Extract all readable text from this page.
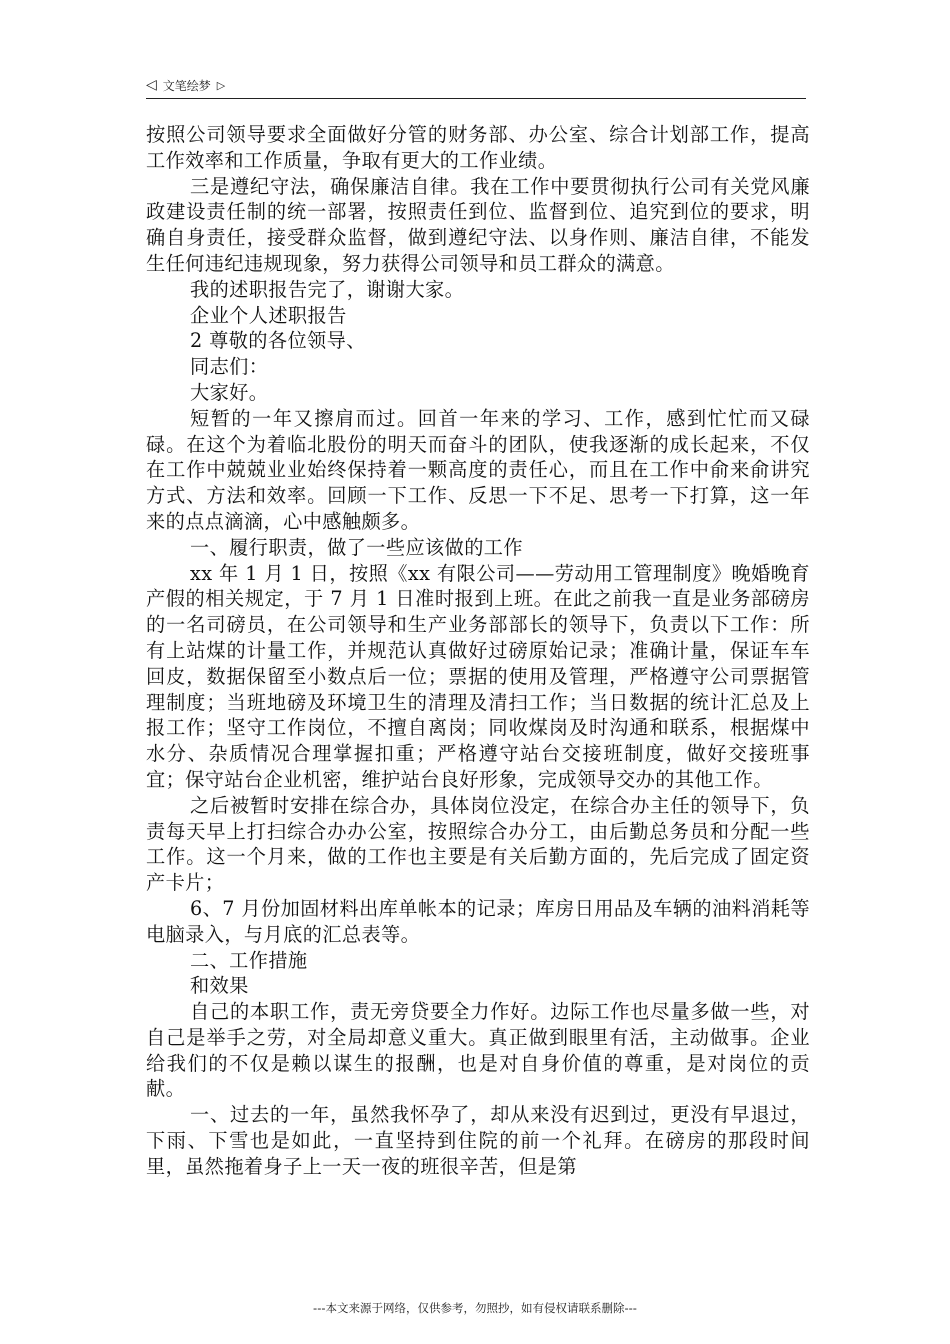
◁ 文笔绘梦 ▷

按照公司领导要求全面做好分管的财务部、办公室、综合计划部工作，提高工作效率和工作质量，争取有更大的工作业绩。

三是遵纪守法，确保廉洁自律。我在工作中要贯彻执行公司有关党风廉政建设责任制的统一部署，按照责任到位、监督到位、追究到位的要求，明确自身责任，接受群众监督，做到遵纪守法、以身作则、廉洁自律，不能发生任何违纪违规现象，努力获得公司领导和员工群众的满意。

我的述职报告完了，谢谢大家。

企业个人述职报告

2 尊敬的各位领导、

同志们：

大家好。

短暂的一年又擦肩而过。回首一年来的学习、工作，感到忙忙而又碌碌。在这个为着临北股份的明天而奋斗的团队，使我逐渐的成长起来，不仅在工作中兢兢业业始终保持着一颗高度的责任心，而且在工作中俞来俞讲究方式、方法和效率。回顾一下工作、反思一下不足、思考一下打算，这一年来的点点滴滴，心中感触颇多。

一、履行职责，做了一些应该做的工作

xx 年 1 月 1 日，按照《xx 有限公司——劳动用工管理制度》晚婚晚育产假的相关规定，于 7 月 1 日准时报到上班。在此之前我一直是业务部磅房的一名司磅员，在公司领导和生产业务部部长的领导下，负责以下工作：所有上站煤的计量工作，并规范认真做好过磅原始记录；准确计量，保证车车回皮，数据保留至小数点后一位；票据的使用及管理，严格遵守公司票据管理制度；当班地磅及环境卫生的清理及清扫工作；当日数据的统计汇总及上报工作；坚守工作岗位，不擅自离岗；同收煤岗及时沟通和联系，根据煤中水分、杂质情况合理掌握扣重；严格遵守站台交接班制度，做好交接班事宜；保守站台企业机密，维护站台良好形象，完成领导交办的其他工作。

之后被暂时安排在综合办，具体岗位没定，在综合办主任的领导下，负责每天早上打扫综合办办公室，按照综合办分工，由后勤总务员和分配一些工作。这一个月来，做的工作也主要是有关后勤方面的，先后完成了固定资产卡片；

6、7 月份加固材料出库单帐本的记录；库房日用品及车辆的油料消耗等电脑录入，与月底的汇总表等。

二、工作措施

和效果

自己的本职工作，责无旁贷要全力作好。边际工作也尽量多做一些，对自己是举手之劳，对全局却意义重大。真正做到眼里有活，主动做事。企业给我们的不仅是赖以谋生的报酬，也是对自身价值的尊重，是对岗位的贡献。

一、过去的一年，虽然我怀孕了，却从来没有迟到过，更没有早退过，下雨、下雪也是如此，一直坚持到住院的前一个礼拜。在磅房的那段时间里，虽然拖着身子上一天一夜的班很辛苦，但是第

---本文来源于网络，仅供参考，勿照抄，如有侵权请联系删除---
